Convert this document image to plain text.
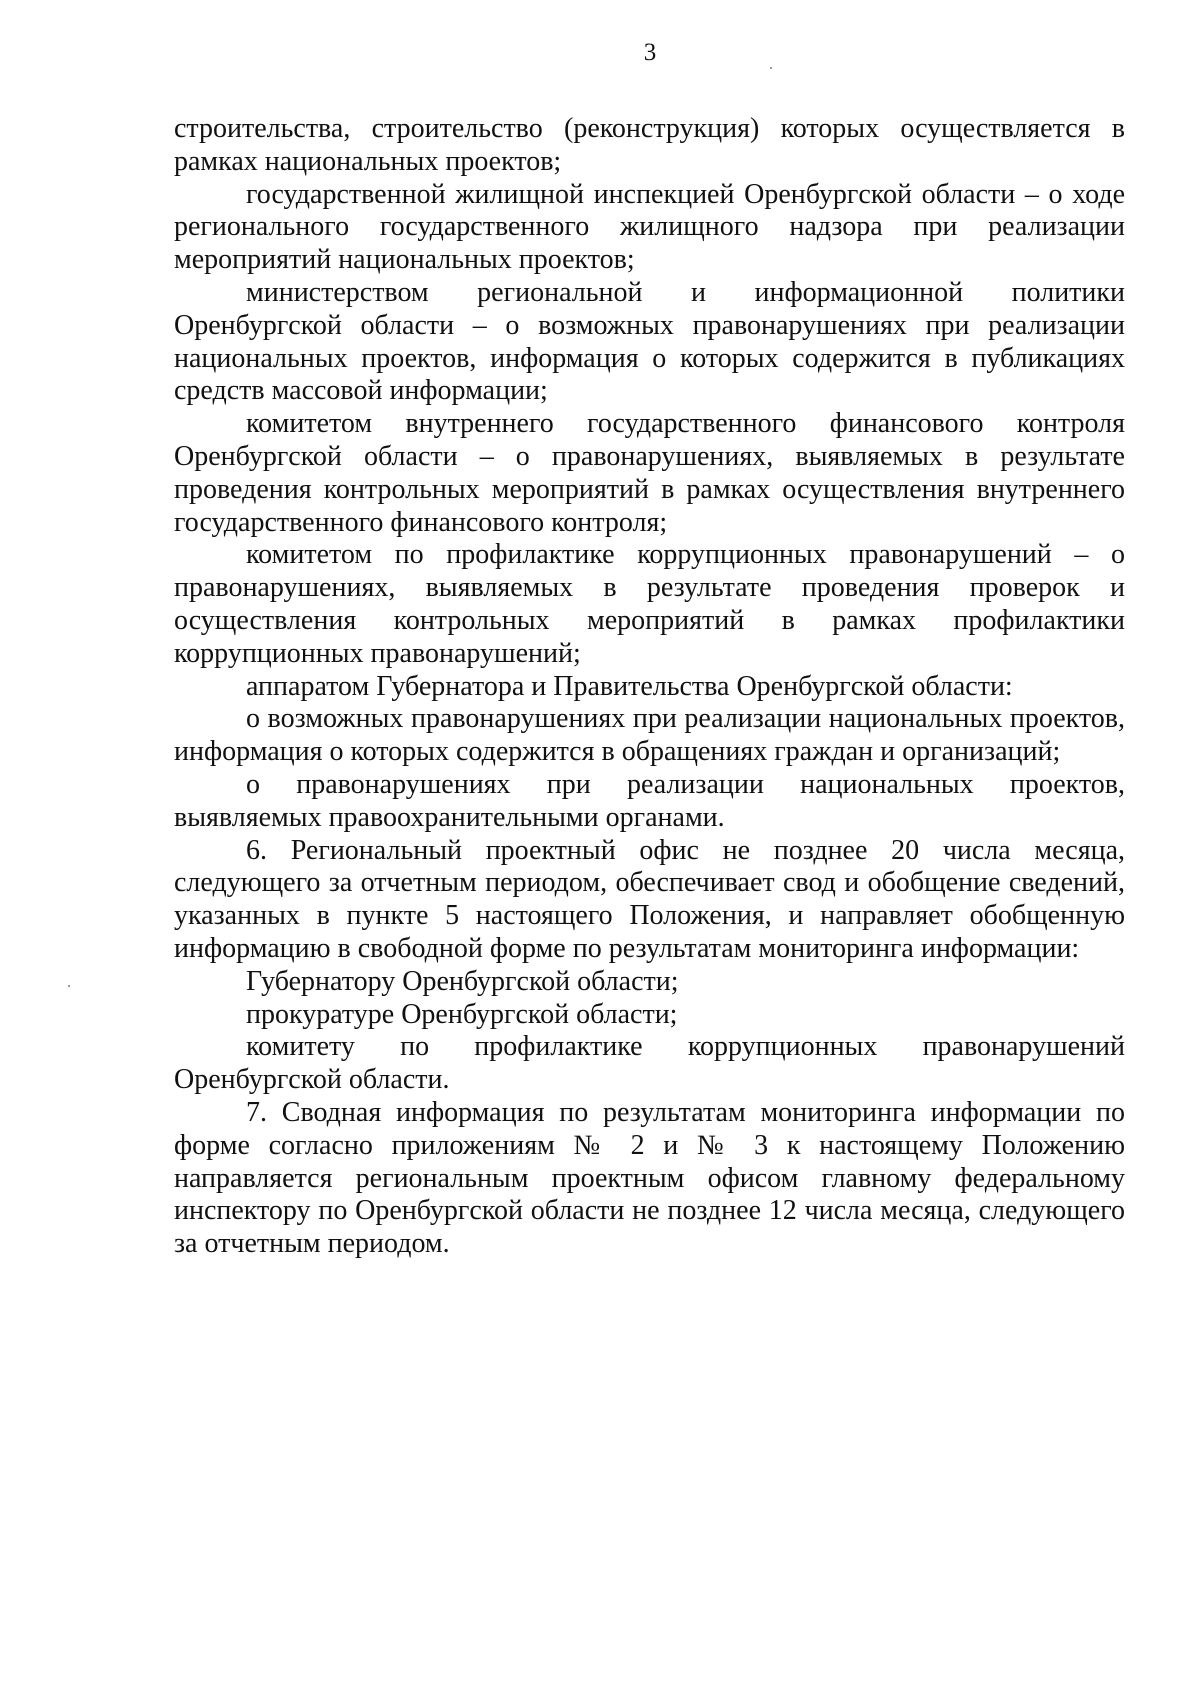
3

строительства, строительство (реконструкция) которых осуществляется в рамках национальных проектов;

государственной жилищной инспекцией Оренбургской области – о ходе регионального государственного жилищного надзора при реализации мероприятий национальных проектов;

министерством региональной и информационной политики Оренбургской области – о возможных правонарушениях при реализации национальных проектов, информация о которых содержится в публикациях средств массовой информации;

комитетом внутреннего государственного финансового контроля Оренбургской области – о правонарушениях, выявляемых в результате проведения контрольных мероприятий в рамках осуществления внутреннего государственного финансового контроля;

комитетом по профилактике коррупционных правонарушений – о правонарушениях, выявляемых в результате проведения проверок и осуществления контрольных мероприятий в рамках профилактики коррупционных правонарушений;

аппаратом Губернатора и Правительства Оренбургской области:

о возможных правонарушениях при реализации национальных проектов, информация о которых содержится в обращениях граждан и организаций;

о правонарушениях при реализации национальных проектов, выявляемых правоохранительными органами.

6. Региональный проектный офис не позднее 20 числа месяца, следующего за отчетным периодом, обеспечивает свод и обобщение сведений, указанных в пункте 5 настоящего Положения, и направляет обобщенную информацию в свободной форме по результатам мониторинга информации:

Губернатору Оренбургской области;

прокуратуре Оренбургской области;

комитету по профилактике коррупционных правонарушений Оренбургской области.

7. Сводная информация по результатам мониторинга информации по форме согласно приложениям № 2 и № 3 к настоящему Положению направляется региональным проектным офисом главному федеральному инспектору по Оренбургской области не позднее 12 числа месяца, следующего за отчетным периодом.
